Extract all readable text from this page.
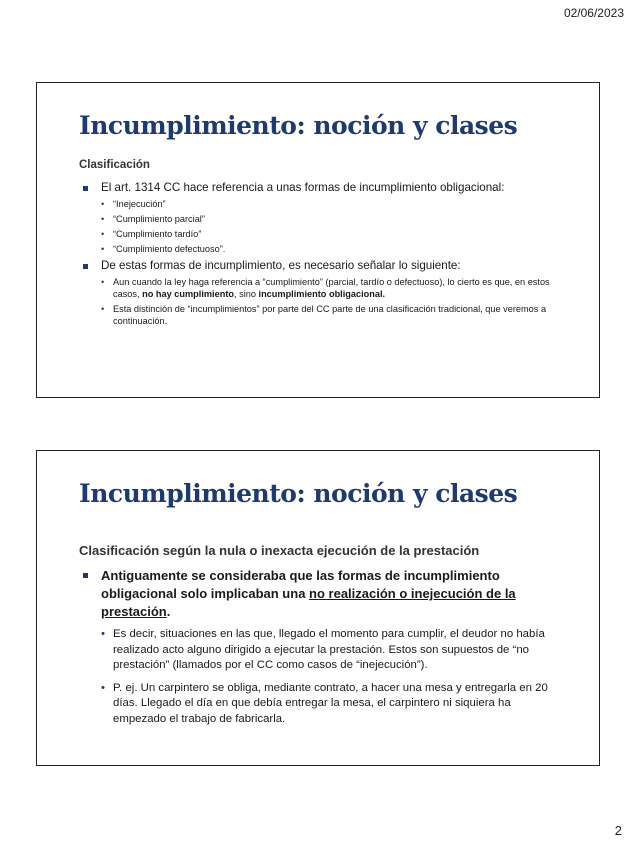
02/06/2023
Incumplimiento: noción y clases
Clasificación
El art. 1314 CC hace referencia a unas formas de incumplimiento obligacional:
• “Inejecución”
• “Cumplimiento parcial”
• “Cumplimiento tardío”
• “Cumplimiento defectuoso”.
De estas formas de incumplimiento, es necesario señalar lo siguiente:
• Aun cuando la ley haga referencia a “cumplimiento” (parcial, tardío o defectuoso), lo cierto es que, en estos casos, no hay cumplimiento, sino incumplimiento obligacional.
• Esta distinción de “incumplimientos” por parte del CC parte de una clasificación tradicional, que veremos a continuación.
Incumplimiento: noción y clases
Clasificación según la nula o inexacta ejecución de la prestación
Antiguamente se consideraba que las formas de incumplimiento obligacional solo implicaban una no realización o inejecución de la prestación.
• Es decir, situaciones en las que, llegado el momento para cumplir, el deudor no había realizado acto alguno dirigido a ejecutar la prestación. Estos son supuestos de “no prestación” (llamados por el CC como casos de “inejecución”).
• P. ej. Un carpintero se obliga, mediante contrato, a hacer una mesa y entregarla en 20 días. Llegado el día en que debía entregar la mesa, el carpintero ni siquiera ha empezado el trabajo de fabricarla.
2
